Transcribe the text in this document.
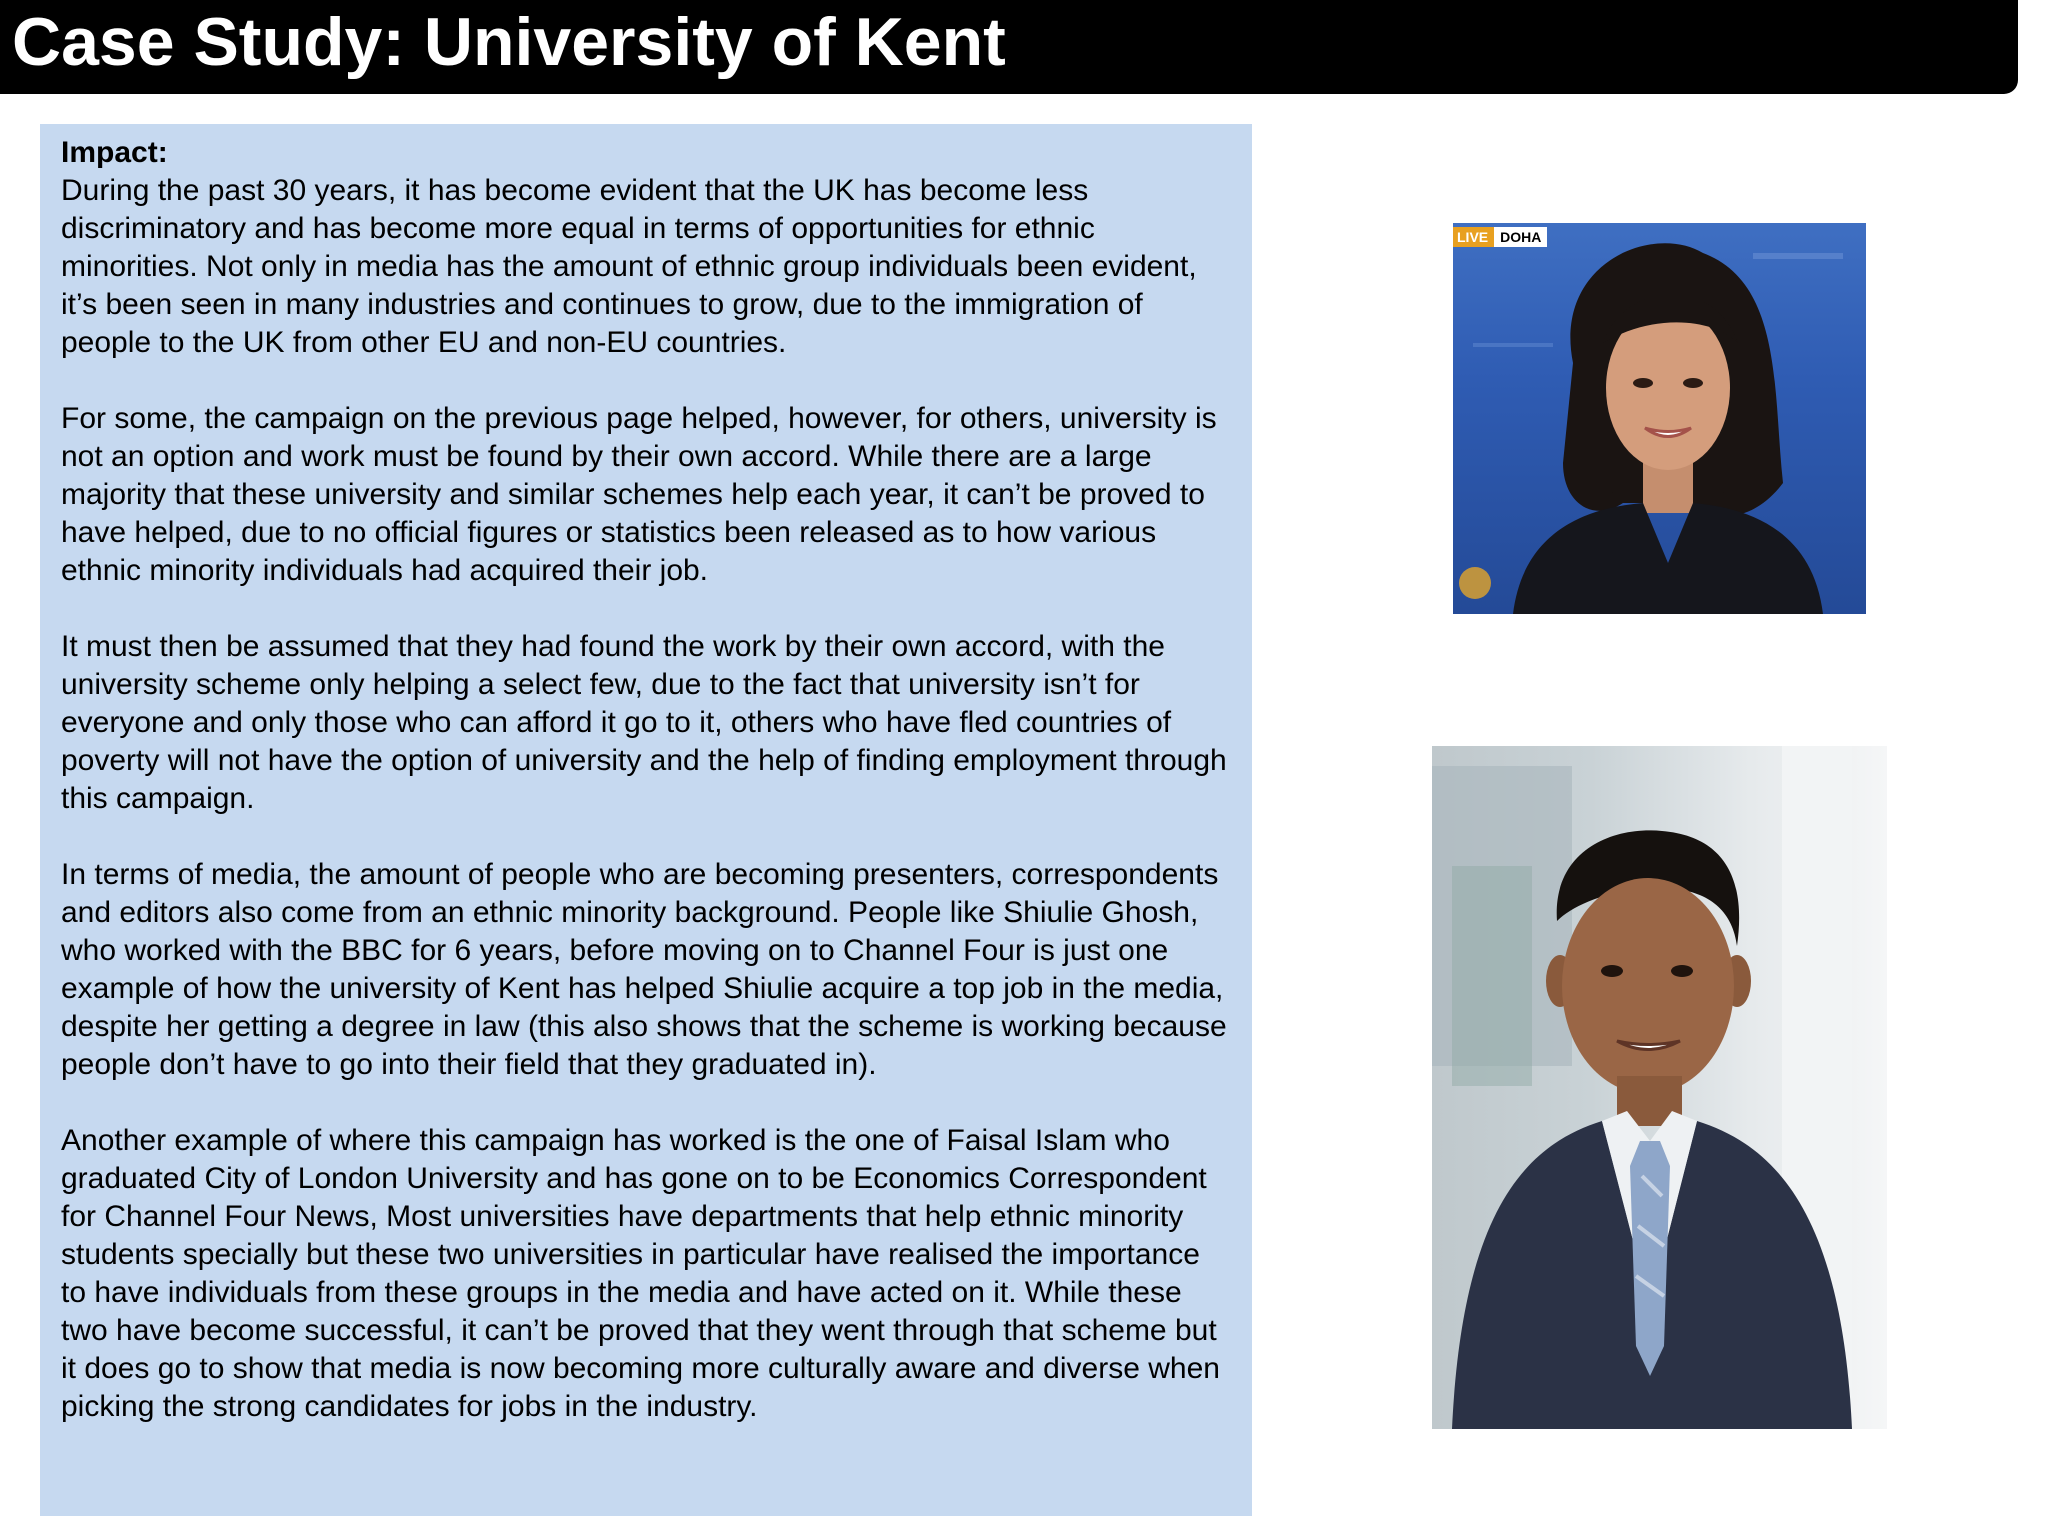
Case Study: University of Kent
Impact:

During the past 30 years, it has become evident that the UK has become less discriminatory and has become more equal in terms of opportunities for ethnic minorities. Not only in media has the amount of ethnic group individuals been evident, it’s been seen in many industries and continues to grow, due to the immigration of people to the UK from other EU and non-EU countries.

For some, the campaign on the previous page helped, however, for others, university is not an option and work must be found by their own accord. While there are a large majority that these university and similar schemes help each year, it can’t be proved to have helped, due to no official figures or statistics been released as to how various ethnic minority individuals had acquired their job.

It must then be assumed that they had found the work by their own accord, with the university scheme only helping a select few, due to the fact that university isn’t for everyone and only those who can afford it go to it, others who have fled countries of poverty will not have the option of university and the help of finding employment through this campaign.

In terms of media, the amount of people who are becoming presenters, correspondents and editors also come from an ethnic minority background. People like Shiulie Ghosh, who worked with the BBC for 6 years, before moving on to Channel Four is just one example of how the university of Kent has helped Shiulie acquire a top job in the media, despite her getting a degree in law (this also shows that the scheme is working because people don’t have to go into their field that they graduated in).

Another example of where this campaign has worked is the one of Faisal Islam who graduated City of London University and has gone on to be Economics Correspondent for Channel Four News, Most universities have departments that help ethnic minority students specially but these two universities in particular have realised the importance to have individuals from these groups in the media and have acted on it. While these two have become successful, it can’t be proved that they went through that scheme but it does go to show that media is now becoming more culturally aware and diverse when picking the strong candidates for jobs in the industry.

LIVE DOHA
